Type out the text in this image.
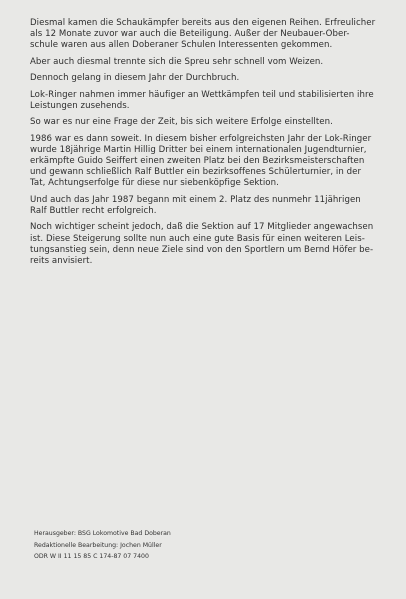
Diesmal kamen die Schaukämpfer bereits aus den eigenen Reihen. Erfreulicher
als 12 Monate zuvor war auch die Beteiligung. Außer der Neubauer-Ober-
schule waren aus allen Doberaner Schulen Interessenten gekommen.

Aber auch diesmal trennte sich die Spreu sehr schnell vom Weizen.

Dennoch gelang in diesem Jahr der Durchbruch.

Lok-Ringer nahmen immer häufiger an Wettkämpfen teil und stabilisierten ihre
Leistungen zusehends.

So war es nur eine Frage der Zeit, bis sich weitere Erfolge einstellten.

1986 war es dann soweit. In diesem bisher erfolgreichsten Jahr der Lok-Ringer
wurde 18jährige Martin Hillig Dritter bei einem internationalen Jugendturnier,
erkämpfte Guido Seiffert einen zweiten Platz bei den Bezirksmeisterschaften
und gewann schließlich Ralf Buttler ein bezirksoffenes Schülerturnier, in der
Tat, Achtungserfolge für diese nur siebenköpfige Sektion.

Und auch das Jahr 1987 begann mit einem 2. Platz des nunmehr 11jährigen
Ralf Buttler recht erfolgreich.

Noch wichtiger scheint jedoch, daß die Sektion auf 17 Mitglieder angewachsen
ist. Diese Steigerung sollte nun auch eine gute Basis für einen weiteren Leis-
tungsanstieg sein, denn neue Ziele sind von den Sportlern um Bernd Höfer be-
reits anvisiert.

Herausgeber: BSG Lokomotive Bad Doberan
Redaktionelle Bearbeitung: Jochen Müller
ODR W II 11 15 85 C 174-87 07 7400
